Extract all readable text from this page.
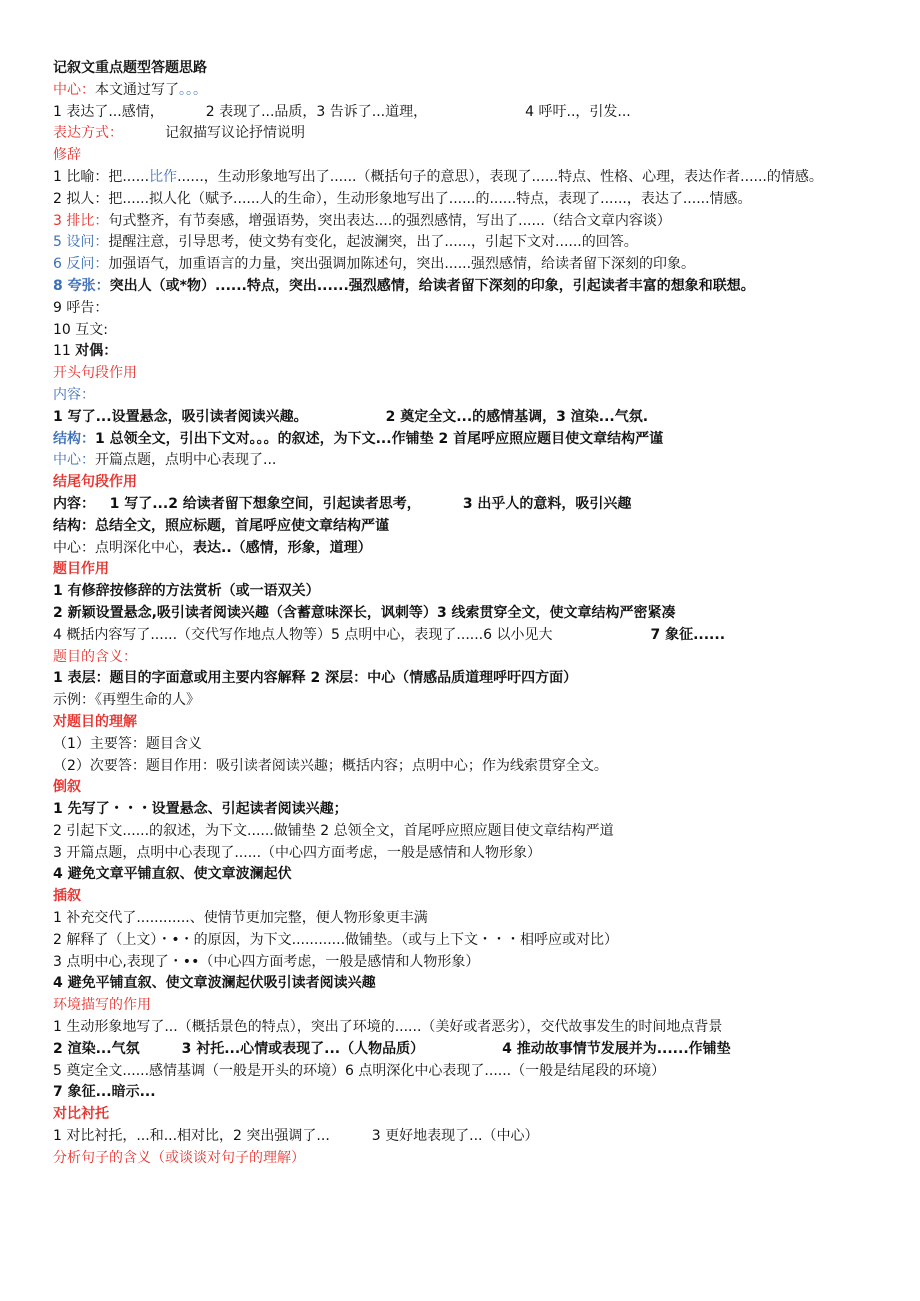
记叙文重点题型答题思路
中心：本文通过写了。。。
1 表达了...感情，	2 表现了...品质，3 告诉了...道理，	4 呼吁..，引发...
表达方式：	记叙描写议论抒情说明
修辞
1 比喻：把......比作......，生动形象地写出了......（概括句子的意思），表现了......特点、性格、心理，表达作者......的情感。
2 拟人：把......拟人化（赋予......人的生命），生动形象地写出了......的......特点，表现了......，表达了......情感。
3 排比：句式整齐，有节奏感，增强语势，突出表达....的强烈感情，写出了......（结合文章内容谈）
5 设问：提醒注意，引导思考，使文势有变化，起波澜突，出了......，引起下文对......的回答。
6 反问：加强语气，加重语言的力量，突出强调加陈述句，突出......强烈感情，给读者留下深刻的印象。
8 夸张：突出人（或*物）......特点，突出......强烈感情，给读者留下深刻的印象，引起读者丰富的想象和联想。
9 呼告：
10 互文:
11 对偶：
开头句段作用
内容：
1 写了...设置悬念，吸引读者阅读兴趣。	2 奠定全文...的感情基调，3 渲染...气氛.
结构：1 总领全文，引出下文对。。。的叙述，为下文...作铺垫 2 首尾呼应照应题目使文章结构严谨
中心：开篇点题，点明中心表现了...
结尾句段作用
内容： 1 写了...2 给读者留下想象空间，引起读者思考，	3 出乎人的意料，吸引兴趣
结构：总结全文，照应标题，首尾呼应使文章结构严谨
中心：点明深化中心，表达..（感情，形象，道理）
题目作用
1 有修辞按修辞的方法赏析（或一语双关）
2 新颖设置悬念,吸引读者阅读兴趣（含蓄意味深长，讽刺等）3 线索贯穿全文，使文章结构严密紧凑
4 概括内容写了......（交代写作地点人物等）5 点明中心，表现了......6 以小见大	7 象征......
题目的含义：
1 表层：题目的字面意或用主要内容解释 2 深层：中心（情感品质道理呼吁四方面）
示例：《再塑生命的人》
对题目的理解
（1）主要答：题目含义
（2）次要答：题目作用：吸引读者阅读兴趣；概括内容；点明中心；作为线索贯穿全文。
倒叙
1 先写了・・・设置悬念、引起读者阅读兴趣；
2 引起下文......的叙述，为下文......做铺垫 2 总领全文，首尾呼应照应题目使文章结构严道
3 开篇点题，点明中心表现了......（中心四方面考虑，一般是感情和人物形象）
4 避免文章平铺直叙、使文章波澜起伏
插叙
1 补充交代了............、使情节更加完整，便人物形象更丰满
2 解释了（上文）・•・的原因，为下文............做铺垫。（或与上下文・・・相呼应或对比）
3 点明中心,表现了・••（中心四方面考虑，一般是感情和人物形象）
4 避免平铺直叙、使文章波澜起伏吸引读者阅读兴趣
环境描写的作用
1 生动形象地写了...（概括景色的特点），突出了环境的......（美好或者恶劣），交代故事发生的时间地点背景
2 渲染...气氛	3 衬托...心情或表现了...（人物品质）	4 推动故事情节发展并为......作铺垫
5 奠定全文......感情基调（一般是开头的环境）6 点明深化中心表现了......（一般是结尾段的环境）
7 象征...暗示...
对比衬托
1 对比衬托，...和...相对比，2 突出强调了...	3 更好地表现了...（中心）
分析句子的含义（或谈谈对句子的理解）
